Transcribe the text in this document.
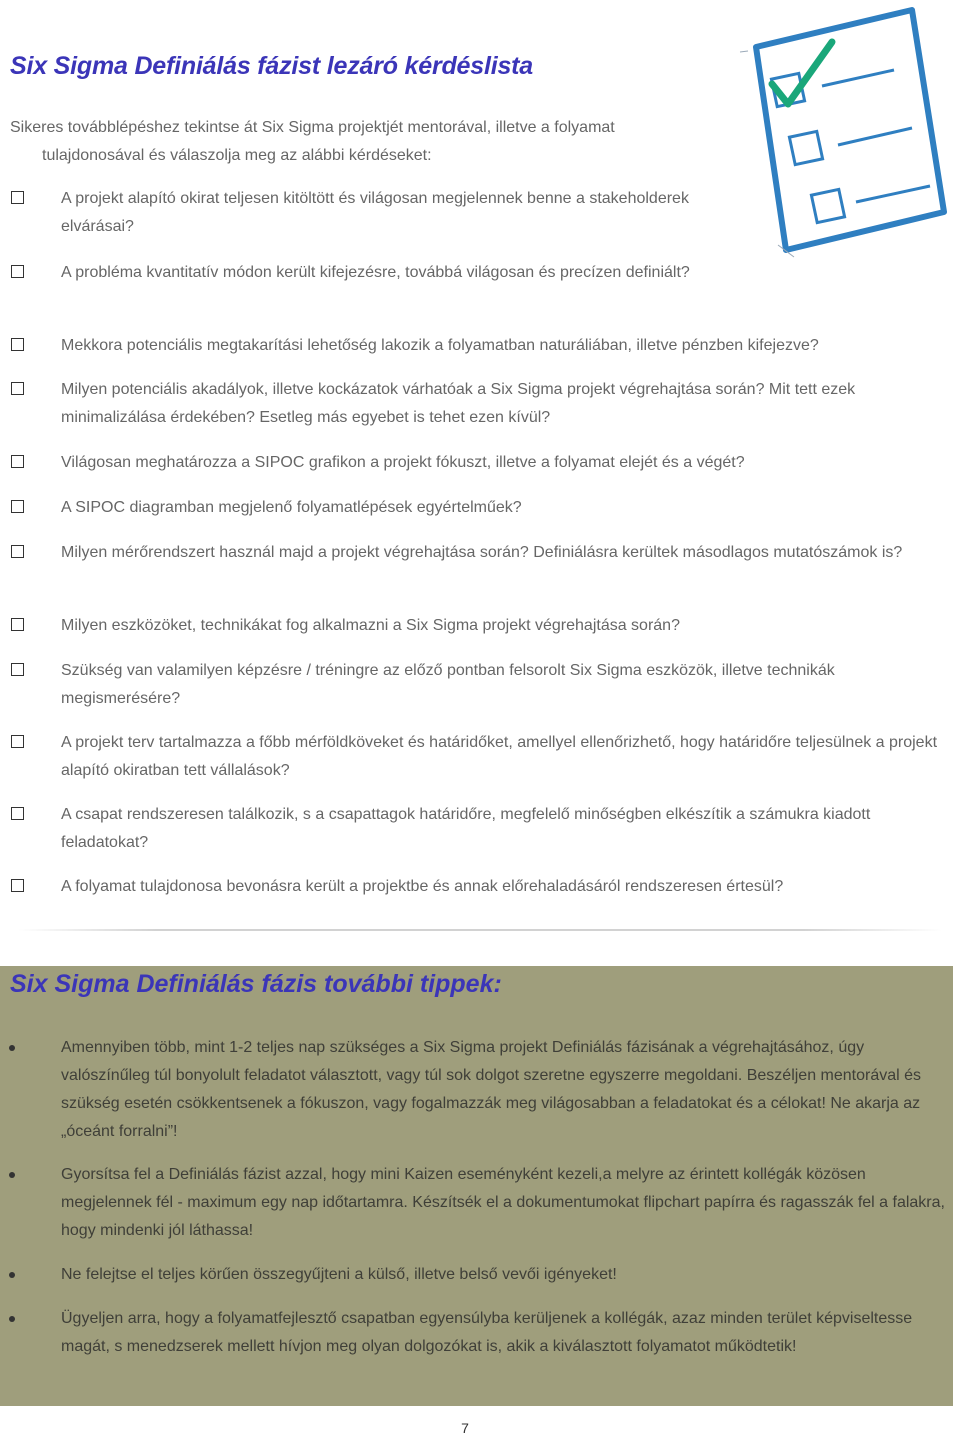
Six Sigma Definiálás fázist lezáró kérdéslista
Sikeres továbblépéshez tekintse át Six Sigma projektjét mentorával, illetve a folyamat
tulajdonosával és válaszolja meg az alábbi kérdéseket:
A projekt alapító okirat teljesen kitöltött és világosan megjelennek benne a stakeholderek elvárásai?
A probléma kvantitatív módon került kifejezésre, továbbá világosan és precízen definiált?
Mekkora potenciális megtakarítási lehetőség lakozik a folyamatban naturáliában, illetve pénzben kifejezve?
Milyen potenciális akadályok, illetve kockázatok várhatóak a Six Sigma projekt végrehajtása során? Mit tett ezek minimalizálása érdekében? Esetleg más egyebet is tehet ezen kívül?
Világosan meghatározza a SIPOC grafikon a projekt fókuszt, illetve a folyamat elejét és a végét?
A SIPOC diagramban megjelenő folyamatlépések egyértelműek?
Milyen mérőrendszert használ majd a projekt végrehajtása során? Definiálásra kerültek másodlagos mutatószámok is?
Milyen eszközöket, technikákat fog alkalmazni a Six Sigma projekt végrehajtása során?
Szükség van valamilyen képzésre / tréningre az előző pontban felsorolt Six Sigma eszközök, illetve technikák megismerésére?
A projekt terv tartalmazza a főbb mérföldköveket és határidőket, amellyel ellenőrizhető, hogy határidőre teljesülnek a projekt alapító okiratban tett vállalások?
A csapat rendszeresen találkozik, s a csapattagok határidőre, megfelelő minőségben elkészítik a számukra kiadott feladatokat?
A folyamat tulajdonosa bevonásra került a projektbe és annak előrehaladásáról rendszeresen értesül?
Six Sigma Definiálás fázis további tippek:
Amennyiben több, mint 1-2 teljes nap szükséges a Six Sigma projekt Definiálás fázisának a végrehajtásához, úgy valószínűleg túl bonyolult feladatot választott, vagy túl sok dolgot szeretne egyszerre megoldani. Beszéljen mentorával és szükség esetén csökkentsenek a fókuszon, vagy fogalmazzák meg világosabban a feladatokat és a célokat! Ne akarja az „óceánt forralni”!
Gyorsítsa fel a Definiálás fázist azzal, hogy mini Kaizen eseményként kezeli,a melyre az érintett kollégák közösen megjelennek fél - maximum egy nap időtartamra. Készítsék el a dokumentumokat flipchart papírra és ragasszák fel a falakra, hogy mindenki jól láthassa!
Ne felejtse el teljes körűen összegyűjteni a külső, illetve belső vevői igényeket!
Ügyeljen arra, hogy a folyamatfejlesztő csapatban egyensúlyba kerüljenek a kollégák, azaz minden terület képviseltesse magát, s menedzserek mellett hívjon meg olyan dolgozókat is, akik a kiválasztott folyamatot működtetik!
7
